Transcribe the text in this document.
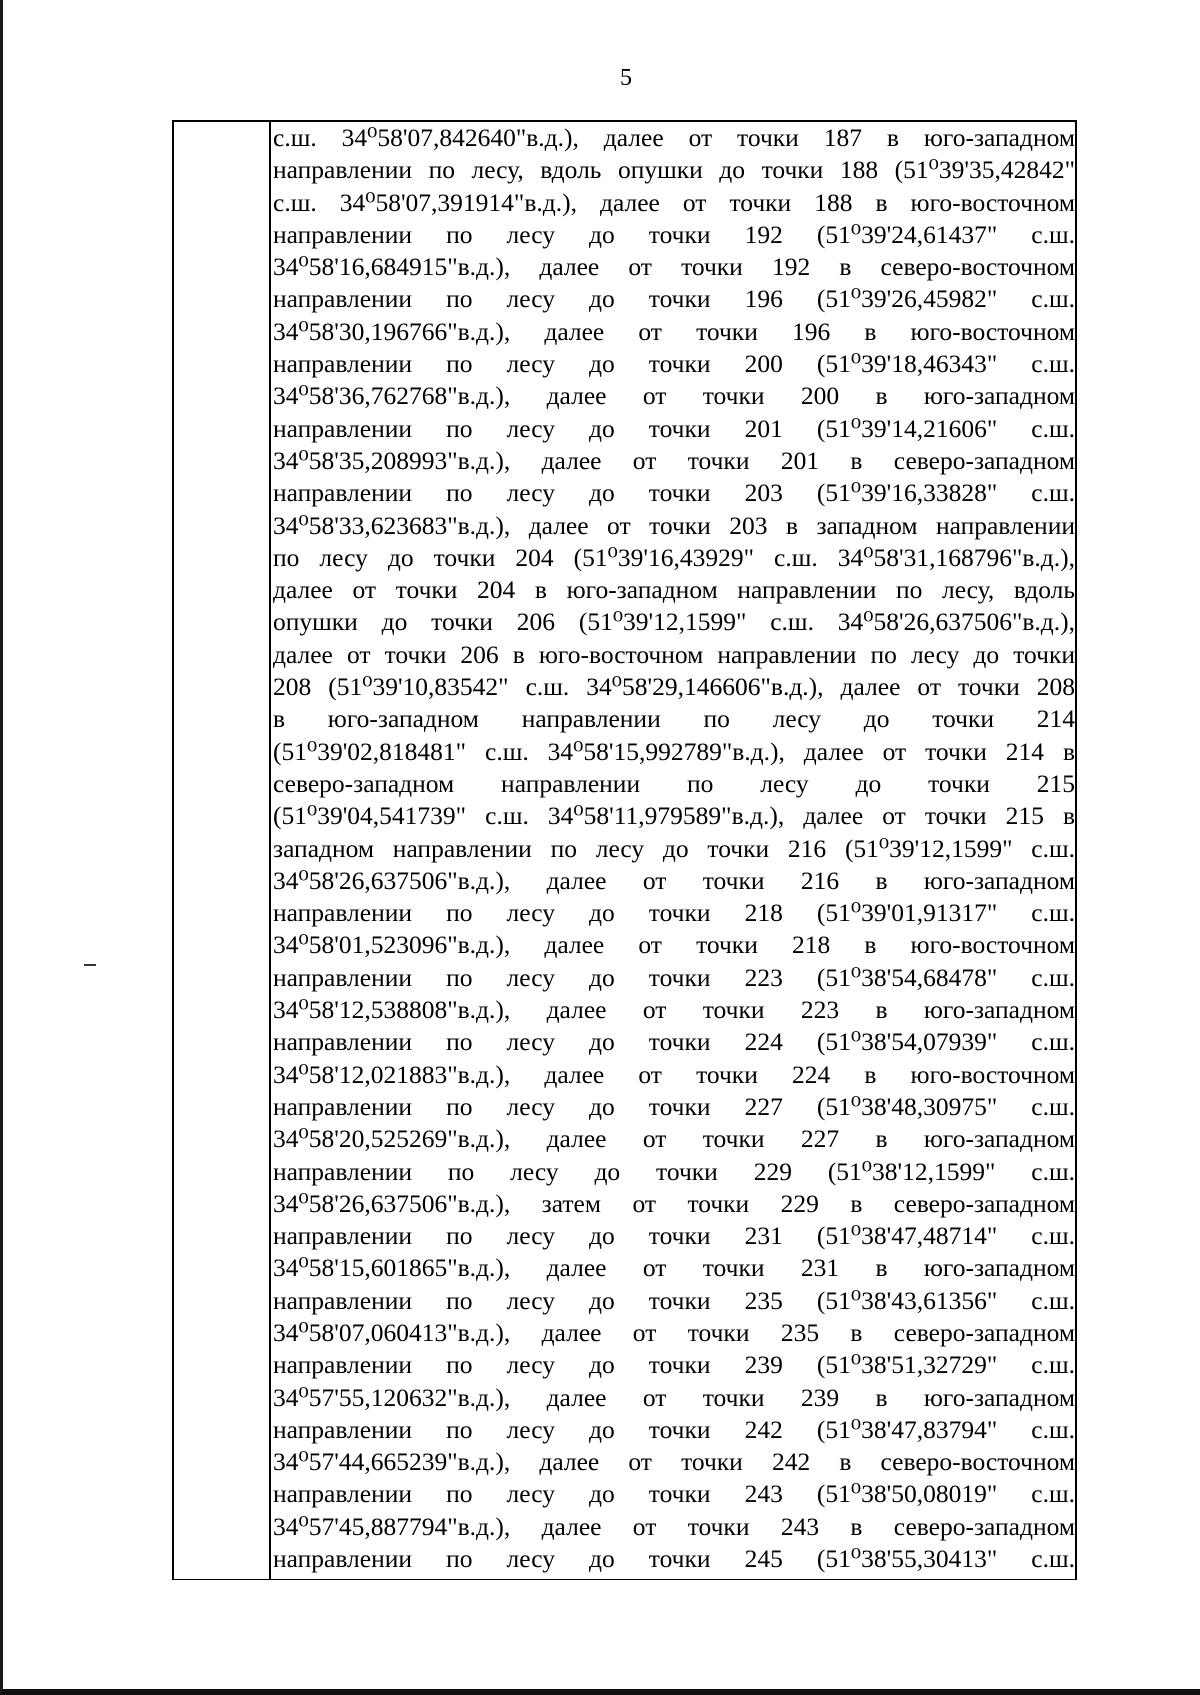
5
с.ш. 34⁰58'07,842640"в.д.), далее от точки 187 в юго-западном
направлении по лесу, вдоль опушки до точки 188 (51⁰39'35,42842"
с.ш. 34⁰58'07,391914"в.д.), далее от точки 188 в юго-восточном
направлении по лесу до точки 192 (51⁰39'24,61437" с.ш.
34⁰58'16,684915"в.д.), далее от точки 192 в северо-восточном
направлении по лесу до точки 196 (51⁰39'26,45982" с.ш.
34⁰58'30,196766"в.д.), далее от точки 196 в юго-восточном
направлении по лесу до точки 200 (51⁰39'18,46343" с.ш.
34⁰58'36,762768"в.д.), далее от точки 200 в юго-западном
направлении по лесу до точки 201 (51⁰39'14,21606" с.ш.
34⁰58'35,208993"в.д.), далее от точки 201 в северо-западном
направлении по лесу до точки 203 (51⁰39'16,33828" с.ш.
34⁰58'33,623683"в.д.), далее от точки 203 в западном направлении
по лесу до точки 204 (51⁰39'16,43929" с.ш. 34⁰58'31,168796"в.д.),
далее от точки 204 в юго-западном направлении по лесу, вдоль
опушки до точки 206 (51⁰39'12,1599" с.ш. 34⁰58'26,637506"в.д.),
далее от точки 206 в юго-восточном направлении по лесу до точки
208 (51⁰39'10,83542" с.ш. 34⁰58'29,146606"в.д.), далее от точки 208
в юго-западном направлении по лесу до точки 214
(51⁰39'02,818481" с.ш. 34⁰58'15,992789"в.д.), далее от точки 214 в
северо-западном направлении по лесу до точки 215
(51⁰39'04,541739" с.ш. 34⁰58'11,979589"в.д.), далее от точки 215 в
западном направлении по лесу до точки 216 (51⁰39'12,1599" с.ш.
34⁰58'26,637506"в.д.), далее от точки 216 в юго-западном
направлении по лесу до точки 218 (51⁰39'01,91317" с.ш.
34⁰58'01,523096"в.д.), далее от точки 218 в юго-восточном
направлении по лесу до точки 223 (51⁰38'54,68478" с.ш.
34⁰58'12,538808"в.д.), далее от точки 223 в юго-западном
направлении по лесу до точки 224 (51⁰38'54,07939" с.ш.
34⁰58'12,021883"в.д.), далее от точки 224 в юго-восточном
направлении по лесу до точки 227 (51⁰38'48,30975" с.ш.
34⁰58'20,525269"в.д.), далее от точки 227 в юго-западном
направлении по лесу до точки 229 (51⁰38'12,1599" с.ш.
34⁰58'26,637506"в.д.), затем от точки 229 в северо-западном
направлении по лесу до точки 231 (51⁰38'47,48714" с.ш.
34⁰58'15,601865"в.д.), далее от точки 231 в юго-западном
направлении по лесу до точки 235 (51⁰38'43,61356" с.ш.
34⁰58'07,060413"в.д.), далее от точки 235 в северо-западном
направлении по лесу до точки 239 (51⁰38'51,32729" с.ш.
34⁰57'55,120632"в.д.), далее от точки 239 в юго-западном
направлении по лесу до точки 242 (51⁰38'47,83794" с.ш.
34⁰57'44,665239"в.д.), далее от точки 242 в северо-восточном
направлении по лесу до точки 243 (51⁰38'50,08019" с.ш.
34⁰57'45,887794"в.д.), далее от точки 243 в северо-западном
направлении по лесу до точки 245 (51⁰38'55,30413" с.ш.
